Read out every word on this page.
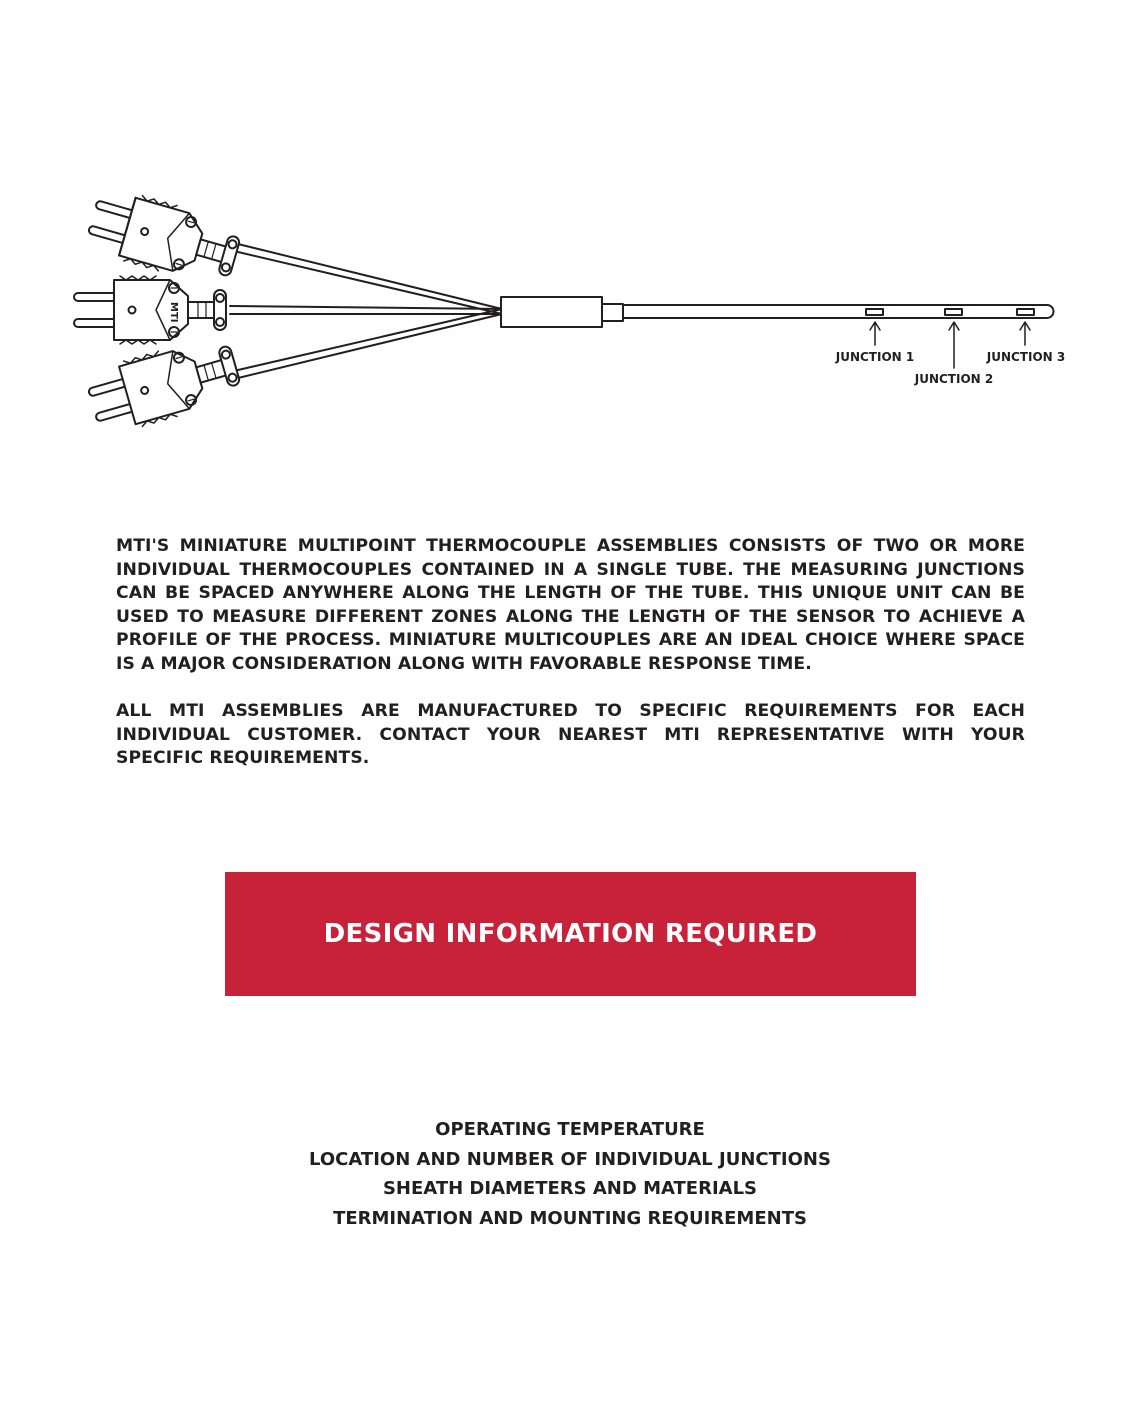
MTI
JUNCTION 1
JUNCTION 2
JUNCTION 3

MTI'S MINIATURE MULTIPOINT THERMOCOUPLE ASSEMBLIES CONSISTS OF TWO OR MORE INDIVIDUAL THERMOCOUPLES CONTAINED IN A SINGLE TUBE. THE MEASURING JUNCTIONS CAN BE SPACED ANYWHERE ALONG THE LENGTH OF THE TUBE. THIS UNIQUE UNIT CAN BE USED TO MEASURE DIFFERENT ZONES ALONG THE LENGTH OF THE SENSOR TO ACHIEVE A PROFILE OF THE PROCESS. MINIATURE MULTICOUPLES ARE AN IDEAL CHOICE WHERE SPACE IS A MAJOR CONSIDERATION ALONG WITH FAVORABLE RESPONSE TIME.

ALL MTI ASSEMBLIES ARE MANUFACTURED TO SPECIFIC REQUIREMENTS FOR EACH INDIVIDUAL CUSTOMER. CONTACT YOUR NEAREST MTI REPRESENTATIVE WITH YOUR SPECIFIC REQUIREMENTS.

DESIGN INFORMATION REQUIRED
OPERATING TEMPERATURE
LOCATION AND NUMBER OF INDIVIDUAL JUNCTIONS
SHEATH DIAMETERS AND MATERIALS
TERMINATION AND MOUNTING REQUIREMENTS
